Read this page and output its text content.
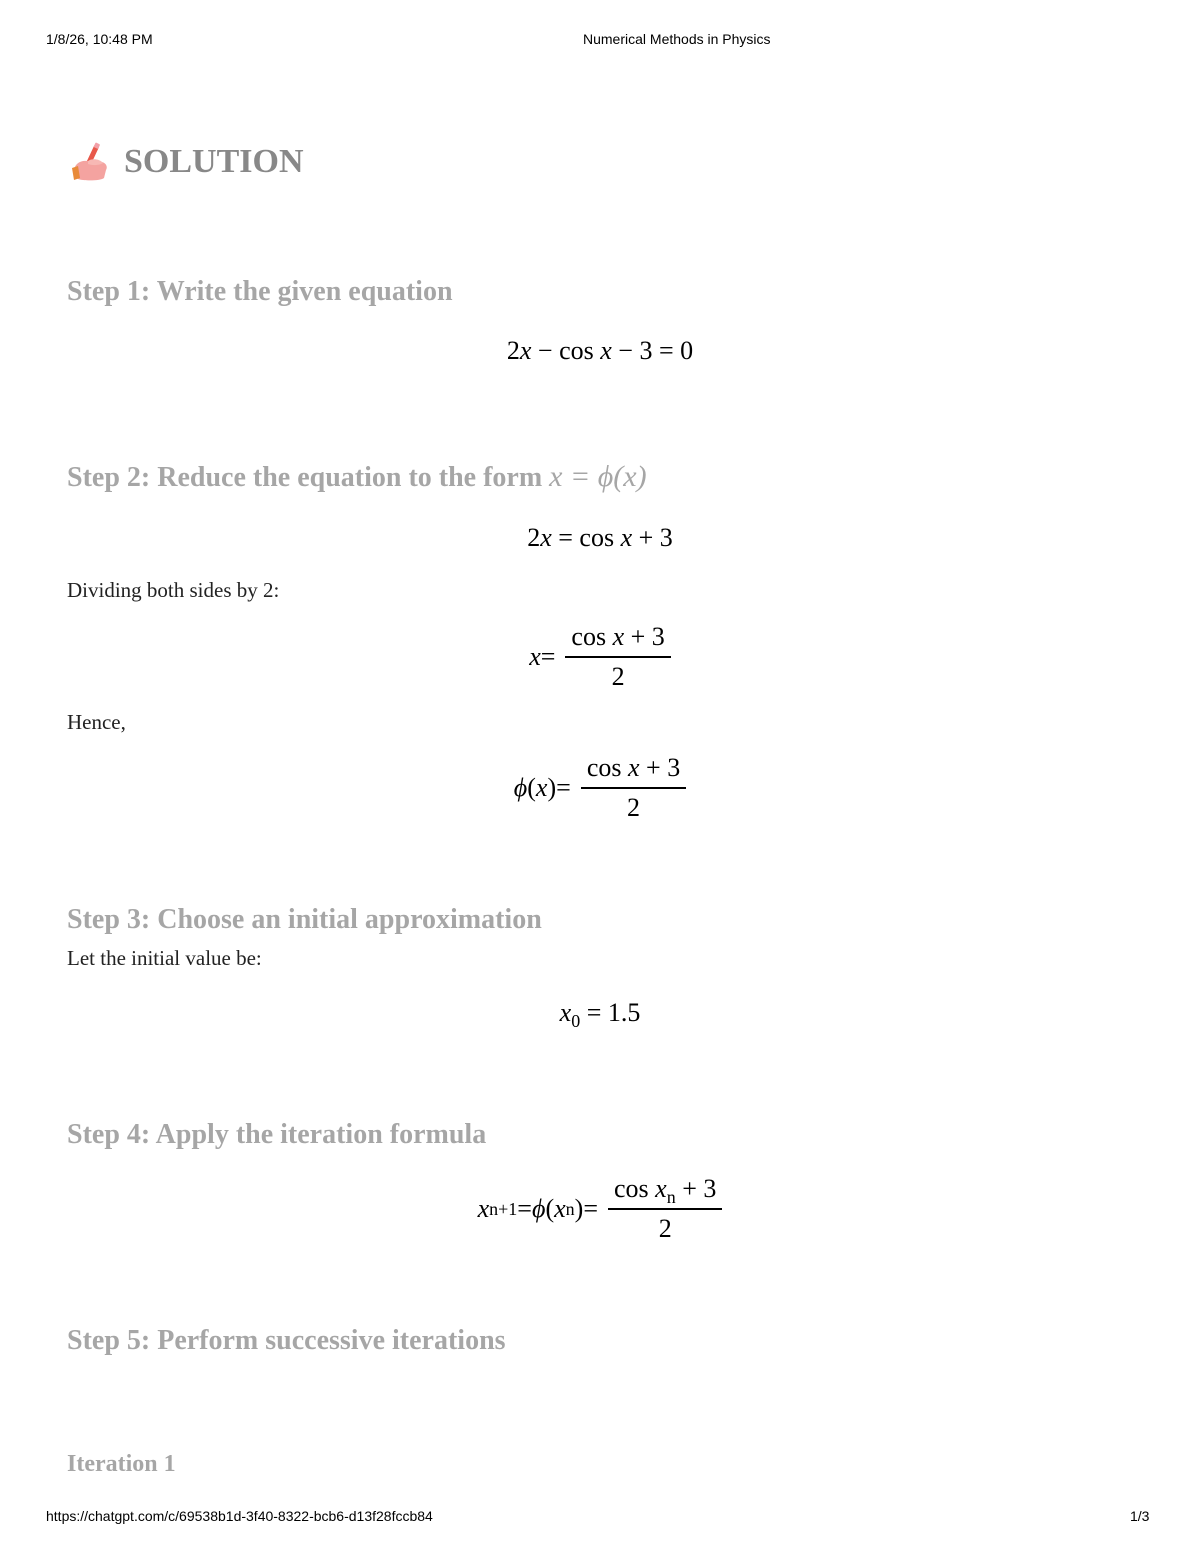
1/8/26, 10:48 PM	Numerical Methods in Physics
SOLUTION
Step 1: Write the given equation
2x − cos x − 3 = 0
Step 2: Reduce the equation to the form x = ϕ(x)
2x = cos x + 3
Dividing both sides by 2:
$x = \frac{\text{cos x + 3}}{2}$
Hence,
ϕ ( x ) = $\frac{\text{cos x + 3}}{2}$
Step 3: Choose an initial approximation
Let the initial value be:
$x_0 = 1.5$
Step 4: Apply the iteration formula
x n+1 = ϕ ( x n ) = $\frac{\cos x_n + 3}{2}$
Step 5: Perform successive iterations
Iteration 1
https://chatgpt.com/c/69538b1d-3f40-8322-bcb6-d13f28fccb84	1/3
